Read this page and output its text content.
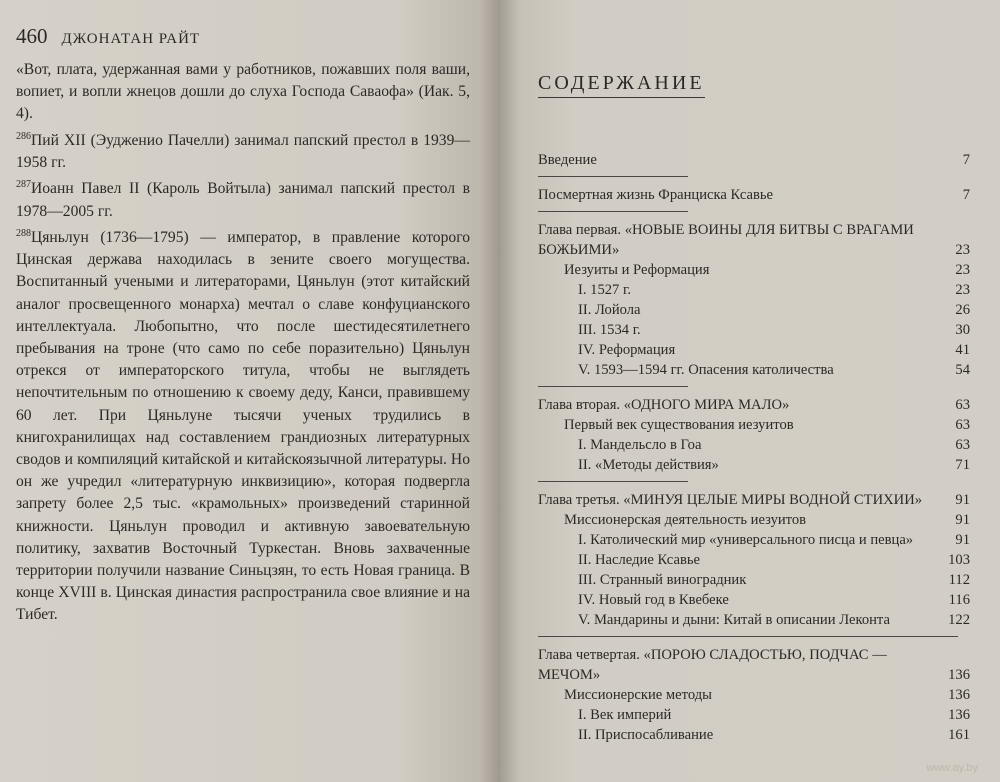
460 ДЖОНАТАН РАЙТ

«Вот, плата, удержанная вами у работников, пожавших поля ваши, вопиет, и вопли жнецов дошли до слуха Господа Саваофа» (Иак. 5, 4).

$^{286}$Пий XII (Эудженио Пачелли) занимал папский престол в 1939—1958 гг.

$^{287}$Иоанн Павел II (Кароль Войтыла) занимал папский престол в 1978—2005 гг.

$^{288}$Цяньлун (1736—1795) — император, в правление которого Цинская держава находилась в зените своего могущества. Воспитанный учеными и литераторами, Цяньлун (этот китайский аналог просвещенного монарха) мечтал о славе конфуцианского интеллектуала. Любопытно, что после шестидесятилетнего пребывания на троне (что само по себе поразительно) Цяньлун отрекся от императорского титула, чтобы не выглядеть непочтительным по отношению к своему деду, Канси, правившему 60 лет. При Цяньлуне тысячи ученых трудились в книгохранилищах над составлением грандиозных литературных сводов и компиляций китайской и китайскоязычной литературы. Но он же учредил «литературную инквизицию», которая подвергла запрету более 2,5 тыс. «крамольных» произведений старинной книжности. Цяньлун проводил и активную завоевательную политику, захватив Восточный Туркестан. Вновь захваченные территории получили название Синьцзян, то есть Новая граница. В конце XVIII в. Цинская династия распространила свое влияние и на Тибет.

СОДЕРЖАНИЕ
Введение	7
Посмертная жизнь Франциска Ксавье	7
Глава первая. «НОВЫЕ ВОИНЫ ДЛЯ БИТВЫ С ВРАГАМИ БОЖЬИМИ»	23
Иезуиты и Реформация	23
I. 1527 г.	23
II. Лойола	26
III. 1534 г.	30
IV. Реформация	41
V. 1593—1594 гг. Опасения католичества	54
Глава вторая. «ОДНОГО МИРА МАЛО»	63
Первый век существования иезуитов	63
I. Мандельсло в Гоа	63
II. «Методы действия»	71
Глава третья. «МИНУЯ ЦЕЛЫЕ МИРЫ ВОДНОЙ СТИХИИ» 91
Миссионерская деятельность иезуитов	91
I. Католический мир «универсального писца и певца»	91
II. Наследие Ксавье	103
III. Странный виноградник	112
IV. Новый год в Квебеке	116
V. Мандарины и дыни: Китай в описании Леконта	122
Глава четвертая. «ПОРОЮ СЛАДОСТЬЮ, ПОДЧАС — МЕЧОМ»	136
Миссионерские методы	136
I. Век империй	136
II. Приспосабливание	161
www.ay.by
